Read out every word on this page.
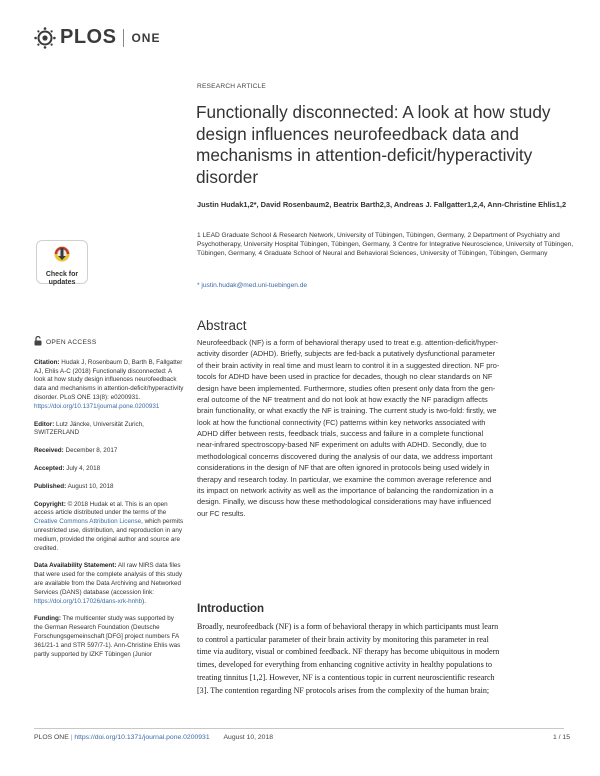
PLOS ONE
Check for
updates
OPEN ACCESS
Citation: Hudak J, Rosenbaum D, Barth B, Fallgatter AJ, Ehlis A-C (2018) Functionally disconnected: A look at how study design influences neurofeedback data and mechanisms in attention-deficit/hyperactivity disorder. PLoS ONE 13(8): e0200931. https://doi.org/10.1371/journal.pone.0200931
Editor: Lutz Jäncke, Universität Zurich, SWITZERLAND
Received: December 8, 2017
Accepted: July 4, 2018
Published: August 10, 2018
Copyright: © 2018 Hudak et al. This is an open access article distributed under the terms of the Creative Commons Attribution License, which permits unrestricted use, distribution, and reproduction in any medium, provided the original author and source are credited.
Data Availability Statement: All raw NIRS data files that were used for the complete analysis of this study are available from the Data Archiving and Networked Services (DANS) database (accession link: https://doi.org/10.17026/dans-xrk-hnhb).
Funding: The multicenter study was supported by the German Research Foundation (Deutsche Forschungsgemeinschaft [DFG] project numbers FA 361/21-1 and STR 597/7-1). Ann-Christine Ehlis was partly supported by IZKF Tübingen (Junior
RESEARCH ARTICLE
Functionally disconnected: A look at how study design influences neurofeedback data and mechanisms in attention-deficit/hyperactivity disorder
Justin Hudak1,2*, David Rosenbaum2, Beatrix Barth2,3, Andreas J. Fallgatter1,2,4, Ann-Christine Ehlis1,2
1 LEAD Graduate School & Research Network, University of Tübingen, Tübingen, Germany, 2 Department of Psychiatry and Psychotherapy, University Hospital Tübingen, Tübingen, Germany, 3 Centre for Integrative Neuroscience, University of Tübingen, Tübingen, Germany, 4 Graduate School of Neural and Behavioral Sciences, University of Tübingen, Tübingen, Germany
* justin.hudak@med.uni-tuebingen.de
Abstract
Neurofeedback (NF) is a form of behavioral therapy used to treat e.g. attention-deficit/hyper-
activity disorder (ADHD). Briefly, subjects are fed-back a putatively dysfunctional parameter
of their brain activity in real time and must learn to control it in a suggested direction. NF pro-
tocols for ADHD have been used in practice for decades, though no clear standards on NF
design have been implemented. Furthermore, studies often present only data from the gen-
eral outcome of the NF treatment and do not look at how exactly the NF paradigm affects
brain functionality, or what exactly the NF is training. The current study is two-fold: firstly, we
look at how the functional connectivity (FC) patterns within key networks associated with
ADHD differ between rests, feedback trials, success and failure in a complete functional
near-infrared spectroscopy-based NF experiment on adults with ADHD. Secondly, due to
methodological concerns discovered during the analysis of our data, we address important
considerations in the design of NF that are often ignored in protocols being used widely in
therapy and research today. In particular, we examine the common average reference and
its impact on network activity as well as the importance of balancing the randomization in a
design. Finally, we discuss how these methodological considerations may have influenced
our FC results.
Introduction
Broadly, neurofeedback (NF) is a form of behavioral therapy in which participants must learn
to control a particular parameter of their brain activity by monitoring this parameter in real
time via auditory, visual or combined feedback. NF therapy has become ubiquitous in modern
times, developed for everything from enhancing cognitive activity in healthy populations to
treating tinnitus [1,2]. However, NF is a contentious topic in current neuroscientific research
[3]. The contention regarding NF protocols arises from the complexity of the human brain;
PLOS ONE | https://doi.org/10.1371/journal.pone.0200931 August 10, 2018	1 / 15
